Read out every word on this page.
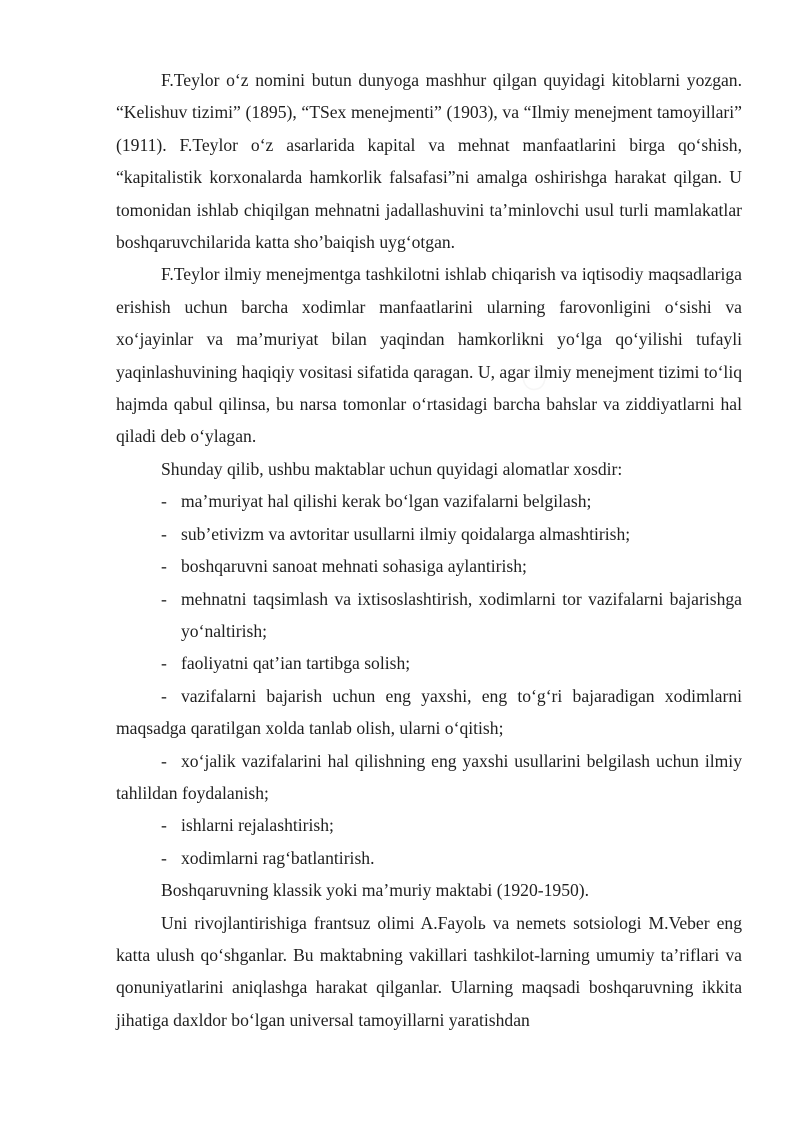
F.Teylor o‘z nomini butun dunyoga mashhur qilgan quyidagi kitoblarni yozgan. “Kelishuv tizimi” (1895), “TSex menejmenti” (1903), va “Ilmiy menejment tamoyillari” (1911). F.Teylor o‘z asarlarida kapital va mehnat manfaatlarini birga qo‘shish, “kapitalistik korxonalarda hamkorlik falsafasi”ni amalga oshirishga harakat qilgan. U tomonidan ishlab chiqilgan mehnatni jadallashuvini ta’minlovchi usul turli mamlakatlar boshqaruvchilarida katta sho’baiqish uyg‘otgan.

F.Teylor ilmiy menejmentga tashkilotni ishlab chiqarish va iqtisodiy maqsadlariga erishish uchun barcha xodimlar manfaatlarini ularning farovonligini o‘sishi va xo‘jayinlar va ma’muriyat bilan yaqindan hamkorlikni yo‘lga qo‘yilishi tufayli yaqinlashuvining haqiqiy vositasi sifatida qaragan. U, agar ilmiy menejment tizimi to‘liq hajmda qabul qilinsa, bu narsa tomonlar o‘rtasidagi barcha bahslar va ziddiyatlarni hal qiladi deb o‘ylagan.

Shunday qilib, ushbu maktablar uchun quyidagi alomatlar xosdir:

- ma’muriyat hal qilishi kerak bo‘lgan vazifalarni belgilash;

- sub’etivizm va avtoritar usullarni ilmiy qoidalarga almashtirish;

- boshqaruvni sanoat mehnati sohasiga aylantirish;

- mehnatni taqsimlash va ixtisoslashtirish, xodimlarni tor vazifalarni bajarishga yo‘naltirish;

- faoliyatni qat’ian tartibga solish;

- vazifalarni bajarish uchun eng yaxshi, eng to‘g‘ri bajaradigan xodimlarni maqsadga qaratilgan xolda tanlab olish, ularni o‘qitish;

- xo‘jalik vazifalarini hal qilishning eng yaxshi usullarini belgilash uchun ilmiy tahlildan foydalanish;

- ishlarni rejalashtirish;

- xodimlarni rag‘batlantirish.

Boshqaruvning klassik yoki ma’muriy maktabi (1920-1950).

Uni rivojlantirishiga frantsuz olimi A.Fayolь va nemets sotsiologi M.Veber eng katta ulush qo‘shganlar. Bu maktabning vakillari tashkilot-larning umumiy ta’riflari va qonuniyatlarini aniqlashga harakat qilganlar. Ularning maqsadi boshqaruvning ikkita jihatiga daxldor bo‘lgan universal tamoyillarni yaratishdan
